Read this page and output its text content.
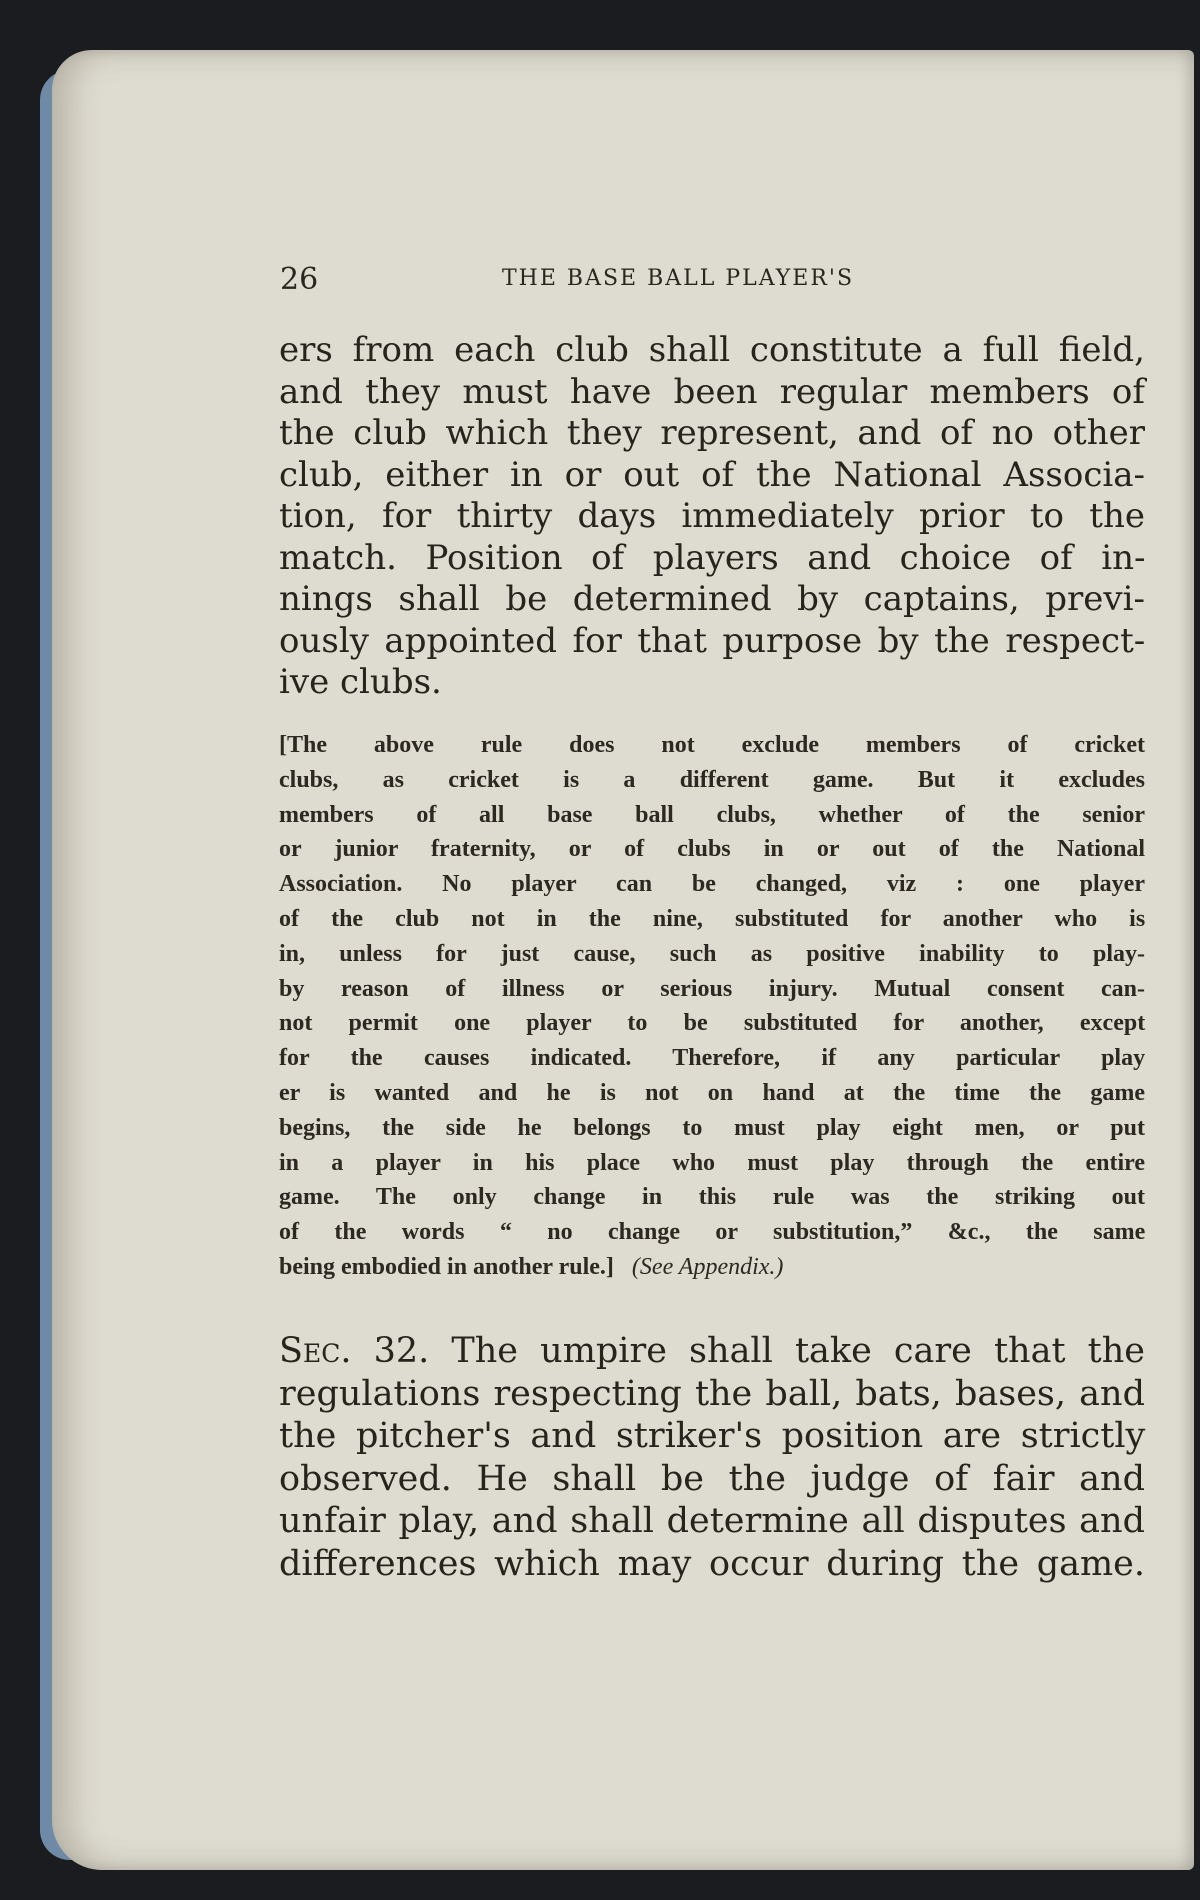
26	THE BASE BALL PLAYER'S
ers from each club shall constitute a full field,
and they must have been regular members of
the club which they represent, and of no other
club, either in or out of the National Associa-
tion, for thirty days immediately prior to the
match. Position of players and choice of in-
nings shall be determined by captains, previ-
ously appointed for that purpose by the respect-
ive clubs.
[The above rule does not exclude members of cricket
clubs, as cricket is a different game. But it excludes
members of all base ball clubs, whether of the senior
or junior fraternity, or of clubs in or out of the National
Association. No player can be changed, viz : one player
of the club not in the nine, substituted for another who is
in, unless for just cause, such as positive inability to play-
by reason of illness or serious injury. Mutual consent can-
not permit one player to be substituted for another, except
for the causes indicated. Therefore, if any particular play
er is wanted and he is not on hand at the time the game
begins, the side he belongs to must play eight men, or put
in a player in his place who must play through the entire
game. The only change in this rule was the striking out
of the words “ no change or substitution,” &c., the same
being embodied in another rule.] (See Appendix.)
Sec. 32. The umpire shall take care that the
regulations respecting the ball, bats, bases, and
the pitcher's and striker's position are strictly
observed. He shall be the judge of fair and
unfair play, and shall determine all disputes and
differences which may occur during the game.
